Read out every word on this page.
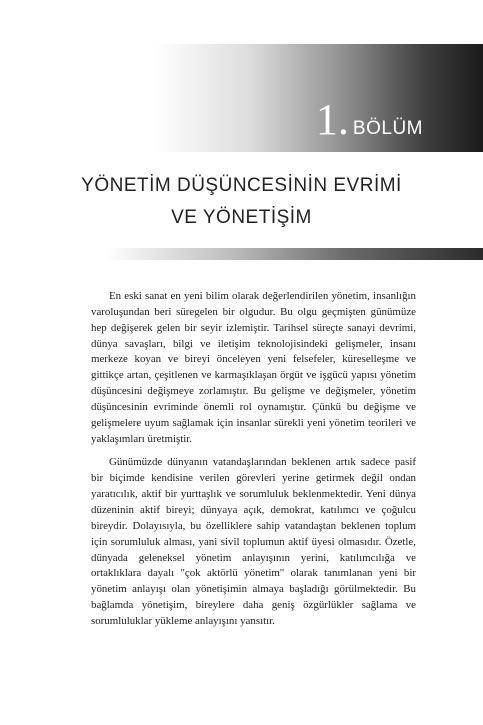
1. BÖLÜM
YÖNETİM DÜŞÜNCESİNİN EVRİMİ
VE YÖNETİŞİM

En eski sanat en yeni bilim olarak değerlendirilen yönetim, insanlığın varoluşundan beri süregelen bir olgudur. Bu olgu geçmişten günümüze hep değişerek gelen bir seyir izlemiştir. Tarihsel süreçte sanayi devrimi, dünya savaşları, bilgi ve iletişim teknolojisindeki gelişmeler, insanı merkeze koyan ve bireyi önceleyen yeni felsefeler, küreselleşme ve gittikçe artan, çeşitlenen ve karmaşıklaşan örgüt ve işgücü yapısı yönetim düşüncesini değişmeye zorlamıştır. Bu gelişme ve değişmeler, yönetim düşüncesinin evriminde önemli rol oynamıştır. Çünkü bu değişme ve gelişmelere uyum sağlamak için insanlar sürekli yeni yönetim teorileri ve yaklaşımları üretmiştir.

Günümüzde dünyanın vatandaşlarından beklenen artık sadece pasif bir biçimde kendisine verilen görevleri yerine getirmek değil ondan yaratıcılık, aktif bir yurttaşlık ve sorumluluk beklenmektedir. Yeni dünya düzeninin aktif bireyi; dünyaya açık, demokrat, katılımcı ve çoğulcu bireydir. Dolayısıyla, bu özelliklere sahip vatandaştan beklenen toplum için sorumluluk alması, yani sivil toplumun aktif üyesi olmasıdır. Özetle, dünyada geleneksel yönetim anlayışının yerini, katılımcılığa ve ortaklıklara dayalı "çok aktörlü yönetim" olarak tanımlanan yeni bir yönetim anlayışı olan yönetişimin almaya başladığı görülmektedir. Bu bağlamda yönetişim, bireylere daha geniş özgürlükler sağlama ve sorumluluklar yükleme anlayışını yansıtır.
